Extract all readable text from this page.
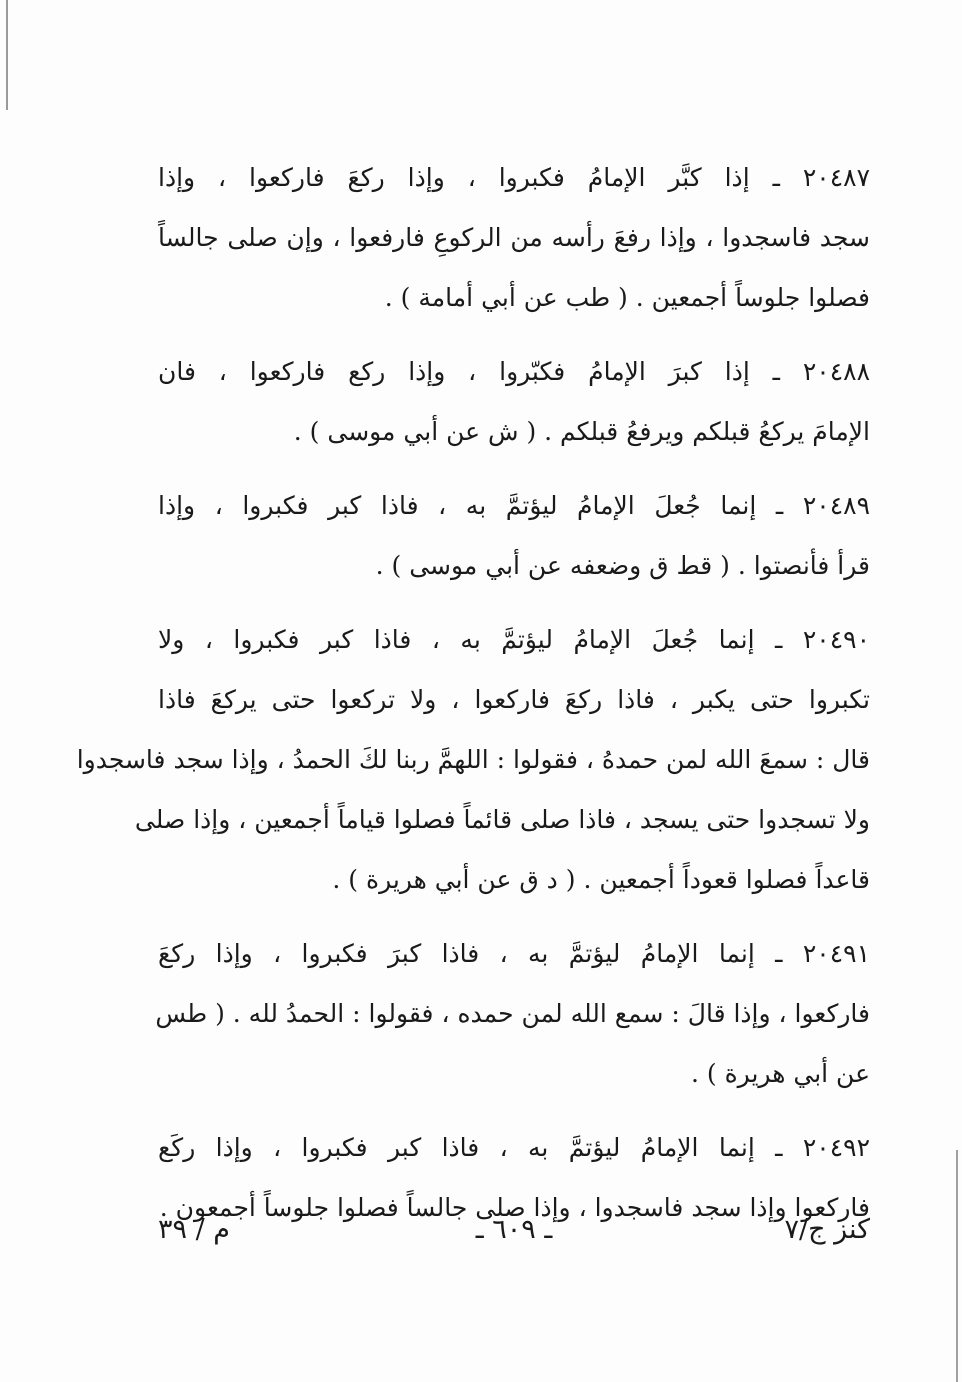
٢٠٤٨٧ ـ إذا كبَّر الإمامُ فكبروا ، وإذا ركعَ فاركعوا ، وإذا
سجد فاسجدوا ، وإذا رفعَ رأسه من الركوعِ فارفعوا ، وإن صلى جالساً
فصلوا جلوساً أجمعين . ( طب عن أبي أمامة ) .
٢٠٤٨٨ ـ إذا كبرَ الإمامُ فكبّروا ، وإذا ركع فاركعوا ، فان
الإمامَ يركعُ قبلكم ويرفعُ قبلكم . ( ش عن أبي موسى ) .
٢٠٤٨٩ ـ إنما جُعلَ الإمامُ ليؤتمَّ به ، فاذا كبر فكبروا ، وإذا
قرأ فأنصتوا . ( قط ق وضعفه عن أبي موسى ) .
٢٠٤٩٠ ـ إنما جُعلَ الإمامُ ليؤتمَّ به ، فاذا كبر فكبروا ، ولا
تكبروا حتى يكبر ، فاذا ركعَ فاركعوا ، ولا تركعوا حتى يركعَ فاذا
قال : سمعَ الله لمن حمدهُ ، فقولوا : اللهمَّ ربنا لكَ الحمدُ ، وإذا سجد فاسجدوا
ولا تسجدوا حتى يسجد ، فاذا صلى قائماً فصلوا قياماً أجمعين ، وإذا صلى
قاعداً فصلوا قعوداً أجمعين . ( د ق عن أبي هريرة ) .
٢٠٤٩١ ـ إنما الإمامُ ليؤتمَّ به ، فاذا كبرَ فكبروا ، وإذا ركعَ
فاركعوا ، وإذا قالَ : سمع الله لمن حمده ، فقولوا : الحمدُ لله . ( طس
عن أبي هريرة ) .
٢٠٤٩٢ ـ إنما الإمامُ ليؤتمَّ به ، فاذا كبر فكبروا ، وإذا ركَع
فاركعوا وإذا سجد فاسجدوا ، وإذا صلى جالساً فصلوا جلوساً أجمعون .
كنز ج/٧
ـ ٦٠٩ ـ
م / ٣٩
